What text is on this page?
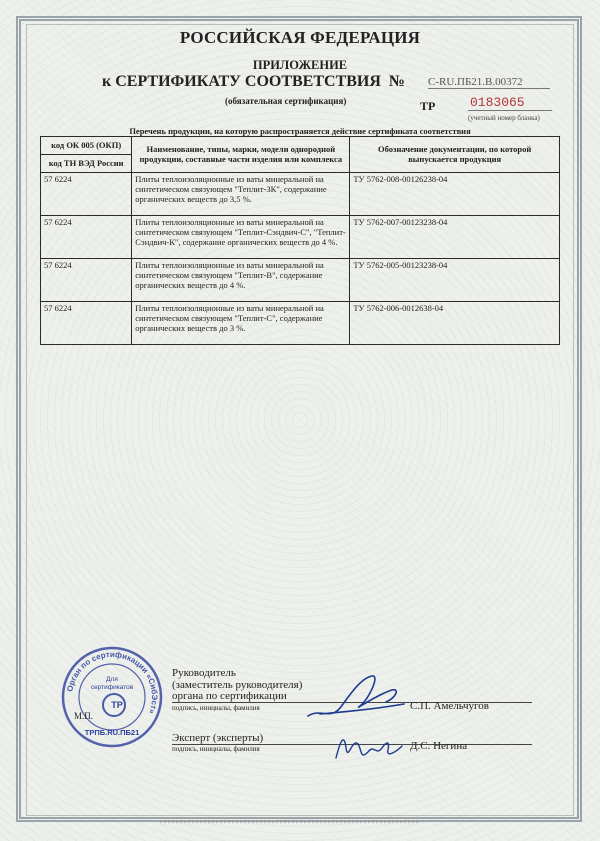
РОССИЙСКАЯ ФЕДЕРАЦИЯ
ПРИЛОЖЕНИЕ
к СЕРТИФИКАТУ СООТВЕТСТВИЯ № С-RU.ПБ21.В.00372
(обязательная сертификация)	ТР	0183065
(учетный номер бланка)
Перечень продукции, на которую распространяется действие сертификата соответствия
код ОК 005 (ОКП)	Наименование, типы, марки, модели однородной продукции, составные части изделия или комплекса	Обозначение документации, по которой выпускается продукция
код ТН ВЭД России		
57 6224	Плиты теплоизоляционные из ваты минеральной на синтетическом связующем "Теплит-ЗК", содержание органических веществ до 3,5 %.	ТУ 5762-008-00126238-04
57 6224	Плиты теплоизоляционные из ваты минеральной на синтетическом связующем "Теплит-Сэндвич-С", "Теплит-Сэндвич-К", содержание органических веществ до 4 %.	ТУ 5762-007-00123238-04
57 6224	Плиты теплоизоляционные из ваты минеральной на синтетическом связующем "Теплит-В", содержание органических веществ до 4 %.	ТУ 5762-005-00123238-04
57 6224	Плиты теплоизоляционные из ваты минеральной на синтетическом связующем "Теплит-С", содержание органических веществ до 3 %.	ТУ 5762-006-0012638-04
Орган по сертификации «СибЭст»
Для
сертификатов
ТР
ТРПБ.RU.ПБ21
М.П.
Руководитель
(заместитель руководителя)
органа по сертификации
подпись, инициалы, фамилия	С.П. Амельчугов
Эксперт (эксперты)
подпись, инициалы, фамилия	Д.С. Негина
